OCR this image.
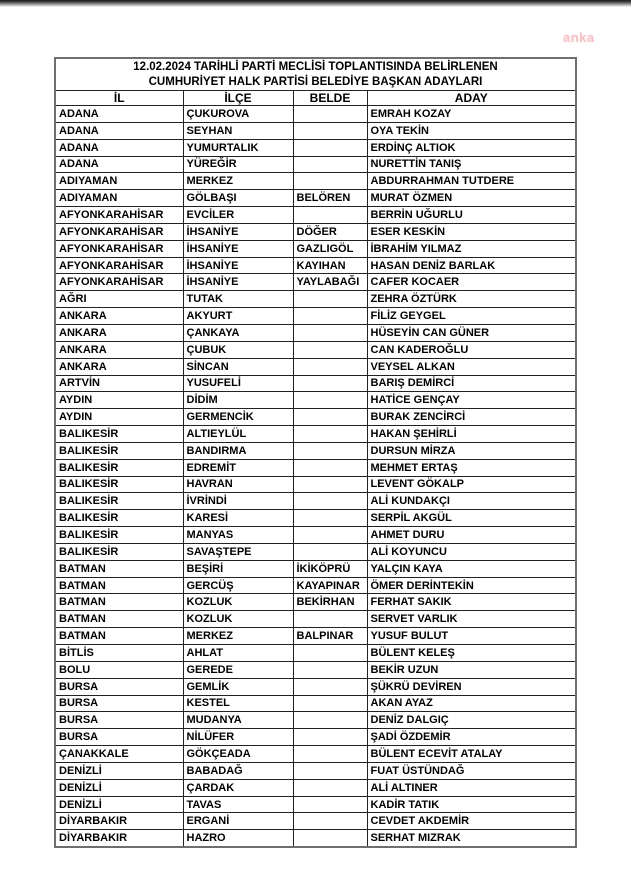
anka
12.02.2024 TARİHLİ PARTİ MECLİSİ TOPLANTISINDA BELİRLENEN
CUMHURİYET HALK PARTİSİ BELEDİYE BAŞKAN ADAYLARI			

İL	İLÇE	BELDE	ADAY
ADANA	ÇUKUROVA		EMRAH KOZAY
ADANA	SEYHAN		OYA TEKİN
ADANA	YUMURTALIK		ERDİNÇ ALTIOK
ADANA	YÜREĞİR		NURETTİN TANIŞ
ADIYAMAN	MERKEZ		ABDURRAHMAN TUTDERE
ADIYAMAN	GÖLBAŞI	BELÖREN	MURAT ÖZMEN
AFYONKARAHİSAR	EVCİLER		BERRİN UĞURLU
AFYONKARAHİSAR	İHSANİYE	DÖĞER	ESER KESKİN
AFYONKARAHİSAR	İHSANİYE	GAZLIGÖL	İBRAHİM YILMAZ
AFYONKARAHİSAR	İHSANİYE	KAYIHAN	HASAN DENİZ BARLAK
AFYONKARAHİSAR	İHSANİYE	YAYLABAĞI	CAFER KOCAER
AĞRI	TUTAK		ZEHRA ÖZTÜRK
ANKARA	AKYURT		FİLİZ GEYGEL
ANKARA	ÇANKAYA		HÜSEYİN CAN GÜNER
ANKARA	ÇUBUK		CAN KADEROĞLU
ANKARA	SİNCAN		VEYSEL ALKAN
ARTVİN	YUSUFELİ		BARIŞ DEMİRCİ
AYDIN	DİDİM		HATİCE GENÇAY
AYDIN	GERMENCİK		BURAK ZENCİRCİ
BALIKESİR	ALTIEYLÜL		HAKAN ŞEHİRLİ
BALIKESİR	BANDIRMA		DURSUN MİRZA
BALIKESİR	EDREMİT		MEHMET ERTAŞ
BALIKESİR	HAVRAN		LEVENT GÖKALP
BALIKESİR	İVRİNDİ		ALİ KUNDAKÇI
BALIKESİR	KARESİ		SERPİL AKGÜL
BALIKESİR	MANYAS		AHMET DURU
BALIKESİR	SAVAŞTEPE		ALİ KOYUNCU
BATMAN	BEŞİRİ	İKİKÖPRÜ	YALÇIN KAYA
BATMAN	GERCÜŞ	KAYAPINAR	ÖMER DERİNTEKİN
BATMAN	KOZLUK	BEKİRHAN	FERHAT SAKIK
BATMAN	KOZLUK		SERVET VARLIK
BATMAN	MERKEZ	BALPINAR	YUSUF BULUT
BİTLİS	AHLAT		BÜLENT KELEŞ
BOLU	GEREDE		BEKİR UZUN
BURSA	GEMLİK		ŞÜKRÜ DEVİREN
BURSA	KESTEL		AKAN AYAZ
BURSA	MUDANYA		DENİZ DALGIÇ
BURSA	NİLÜFER		ŞADİ ÖZDEMİR
ÇANAKKALE	GÖKÇEADA		BÜLENT ECEVİT ATALAY
DENİZLİ	BABADAĞ		FUAT ÜSTÜNDAĞ
DENİZLİ	ÇARDAK		ALİ ALTINER
DENİZLİ	TAVAS		KADİR TATIK
DİYARBAKIR	ERGANİ		CEVDET AKDEMİR
DİYARBAKIR	HAZRO		SERHAT MIZRAK
